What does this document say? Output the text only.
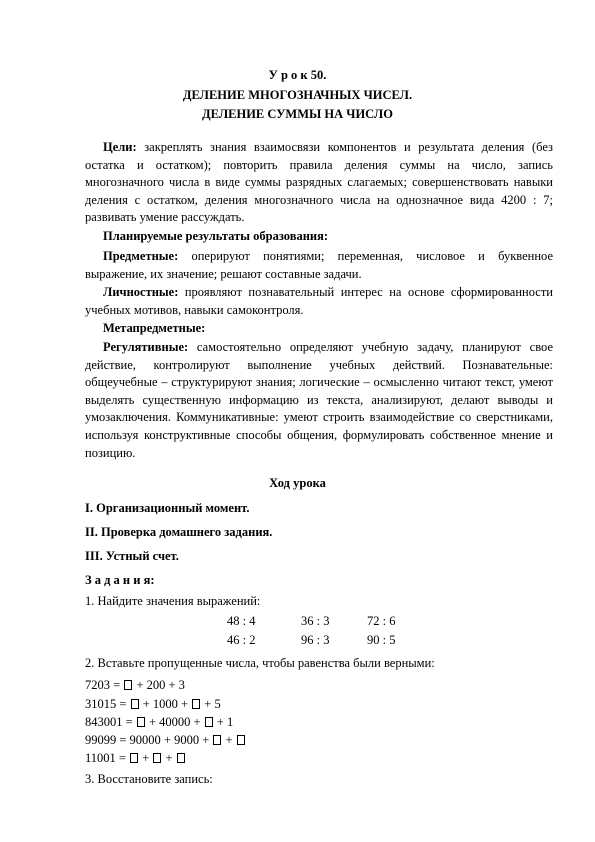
У р о к 50.
ДЕЛЕНИЕ МНОГОЗНАЧНЫХ ЧИСЕЛ.
ДЕЛЕНИЕ СУММЫ НА ЧИСЛО
Цели: закреплять знания взаимосвязи компонентов и результата деления (без остатка и остатком); повторить правила деления суммы на число, запись многозначного числа в виде суммы разрядных слагаемых; совершенствовать навыки деления с остатком, деления многозначного числа на однозначное вида 4200 : 7; развивать умение рассуждать.
Планируемые результаты образования:
Предметные: оперируют понятиями; переменная, числовое и буквенное выражение, их значение; решают составные задачи.
Личностные: проявляют познавательный интерес на основе сформированности учебных мотивов, навыки самоконтроля.
Метапредметные:
Регулятивные: самостоятельно определяют учебную задачу, планируют свое действие, контролируют выполнение учебных действий. Познавательные: общеучебные – структурируют знания; логические – осмысленно читают текст, умеют выделять существенную информацию из текста, анализируют, делают выводы и умозаключения. Коммуникативные: умеют строить взаимодействие со сверстниками, используя конструктивные способы общения, формулировать собственное мнение и позицию.
Ход урока
I. Организационный момент.
II. Проверка домашнего задания.
III. Устный счет.
З а д а н и я:
1. Найдите значения выражений:
48 : 4	36 : 3	72 : 6
46 : 2	96 : 3	90 : 5
2. Вставьте пропущенные числа, чтобы равенства были верными:
7203 =  + 200 + 3
31015 =  + 1000 +  + 5
843001 =  + 40000 +  + 1
99099 = 90000 + 9000 +  +
11001 =  +  +
3. Восстановите запись:
